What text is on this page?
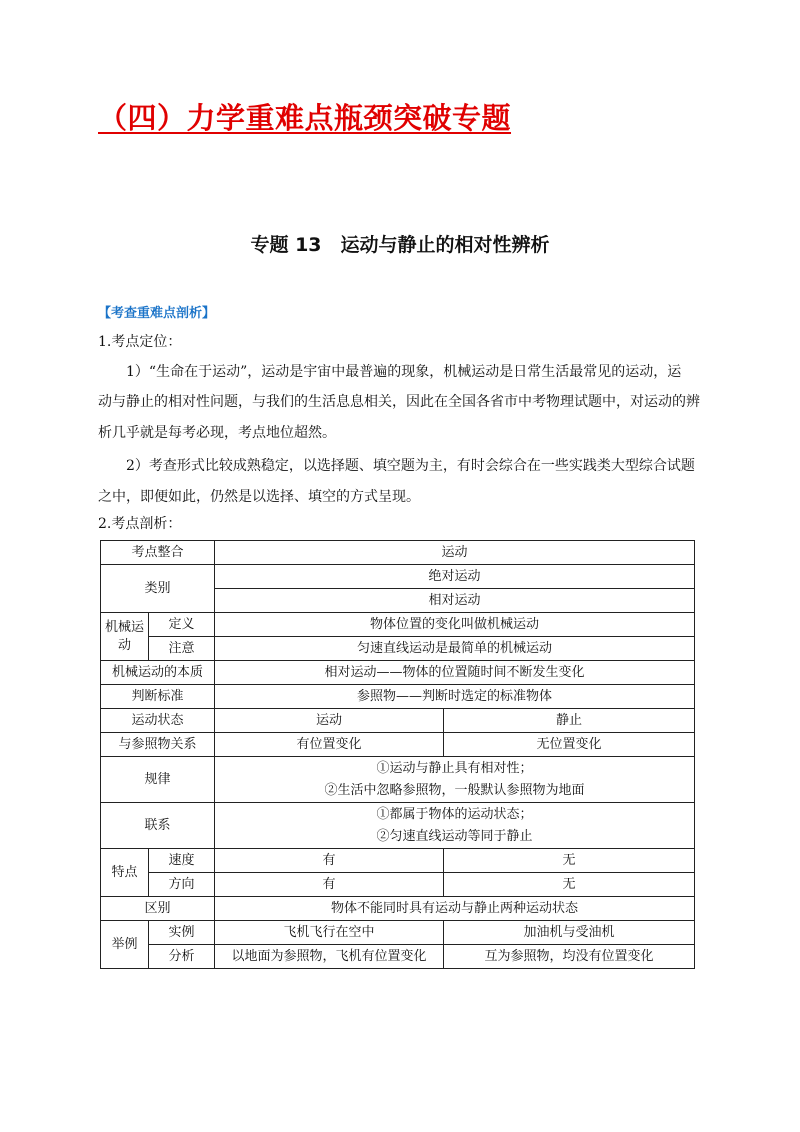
（四）力学重难点瓶颈突破专题
专题 13　运动与静止的相对性辨析
【考查重难点剖析】
1.考点定位：
1）“生命在于运动”，运动是宇宙中最普遍的现象，机械运动是日常生活最常见的运动，运
动与静止的相对性问题，与我们的生活息息相关，因此在全国各省市中考物理试题中，对运动的辨
析几乎就是每考必现，考点地位超然。
2）考查形式比较成熟稳定，以选择题、填空题为主，有时会综合在一些实践类大型综合试题
之中，即便如此，仍然是以选择、填空的方式呈现。
2.考点剖析：
考点整合		运动	
类别		绝对运动	
		相对运动	
机械运动	定义	物体位置的变化叫做机械运动	
	注意	匀速直线运动是最简单的机械运动	
机械运动的本质		相对运动——物体的位置随时间不断发生变化	
判断标准		参照物——判断时选定的标准物体	
运动状态		运动	静止
与参照物关系		有位置变化	无位置变化
规律		①运动与静止具有相对性；
②生活中忽略参照物，一般默认参照物为地面	

联系		①都属于物体的运动状态；
②匀速直线运动等同于静止	

特点	速度	有	无
	方向	有	无
区别		物体不能同时具有运动与静止两种运动状态	
举例	实例	飞机飞行在空中	加油机与受油机
	分析	以地面为参照物，飞机有位置变化	互为参照物，均没有位置变化
